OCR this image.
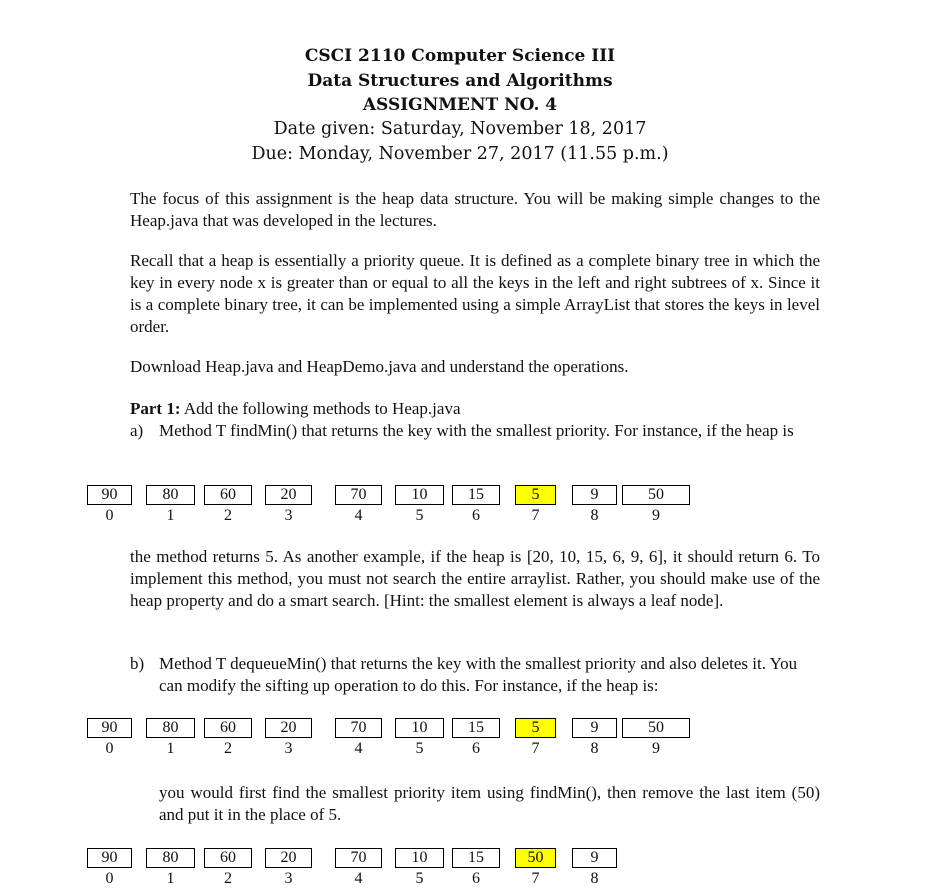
CSCI 2110 Computer Science III
Data Structures and Algorithms
ASSIGNMENT NO. 4
Date given: Saturday, November 18, 2017
Due: Monday, November 27, 2017 (11.55 p.m.)
The focus of this assignment is the heap data structure. You will be making simple changes to the Heap.java that was developed in the lectures.
Recall that a heap is essentially a priority queue. It is defined as a complete binary tree in which the key in every node x is greater than or equal to all the keys in the left and right subtrees of x. Since it is a complete binary tree, it can be implemented using a simple ArrayList that stores the keys in level order.
Download Heap.java and HeapDemo.java and understand the operations.
Part 1: Add the following methods to Heap.java
a) Method T findMin() that returns the key with the smallest priority. For instance, if the heap is
90	80	60	20	70	10	15	5	9	50
0	1	2	3	4	5	6	7	8	9
the method returns 5. As another example, if the heap is [20, 10, 15, 6, 9, 6], it should return 6. To implement this method, you must not search the entire arraylist. Rather, you should make use of the heap property and do a smart search. [Hint: the smallest element is always a leaf node].
b) Method T dequeueMin() that returns the key with the smallest priority and also deletes it. You can modify the sifting up operation to do this. For instance, if the heap is:
90	80	60	20	70	10	15	5	9	50
0	1	2	3	4	5	6	7	8	9
you would first find the smallest priority item using findMin(), then remove the last item (50) and put it in the place of 5.
90	80	60	20	70	10	15	50	9
0	1	2	3	4	5	6	7	8
